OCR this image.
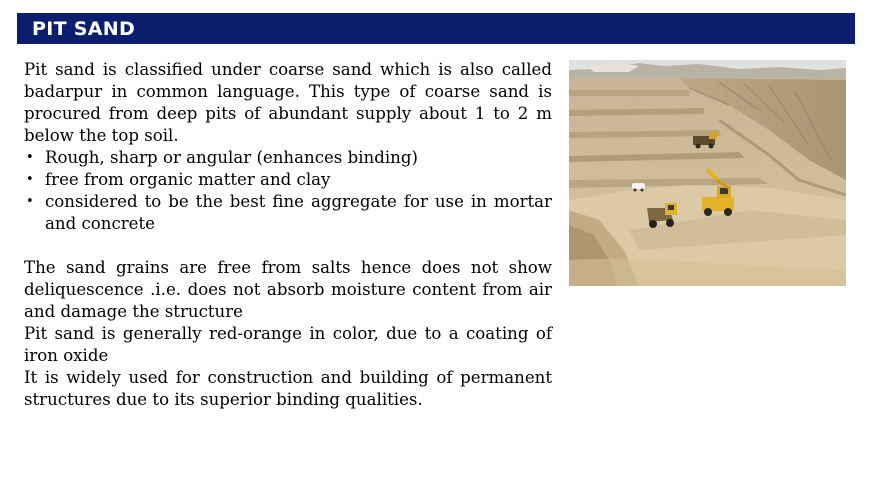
PIT SAND

Pit sand is classified under coarse sand which is also called badarpur in common language. This type of coarse sand is procured from deep pits of abundant supply about 1 to 2 m below the top soil.

• Rough, sharp or angular (enhances binding)
• free from organic matter and clay
• considered to be the best fine aggregate for use in mortar and concrete

The sand grains are free from salts hence does not show deliquescence .i.e. does not absorb moisture content from air and damage the structure

Pit sand is generally red-orange in color, due to a coating of iron oxide

It is widely used for construction and building of permanent structures due to its superior binding qualities.
